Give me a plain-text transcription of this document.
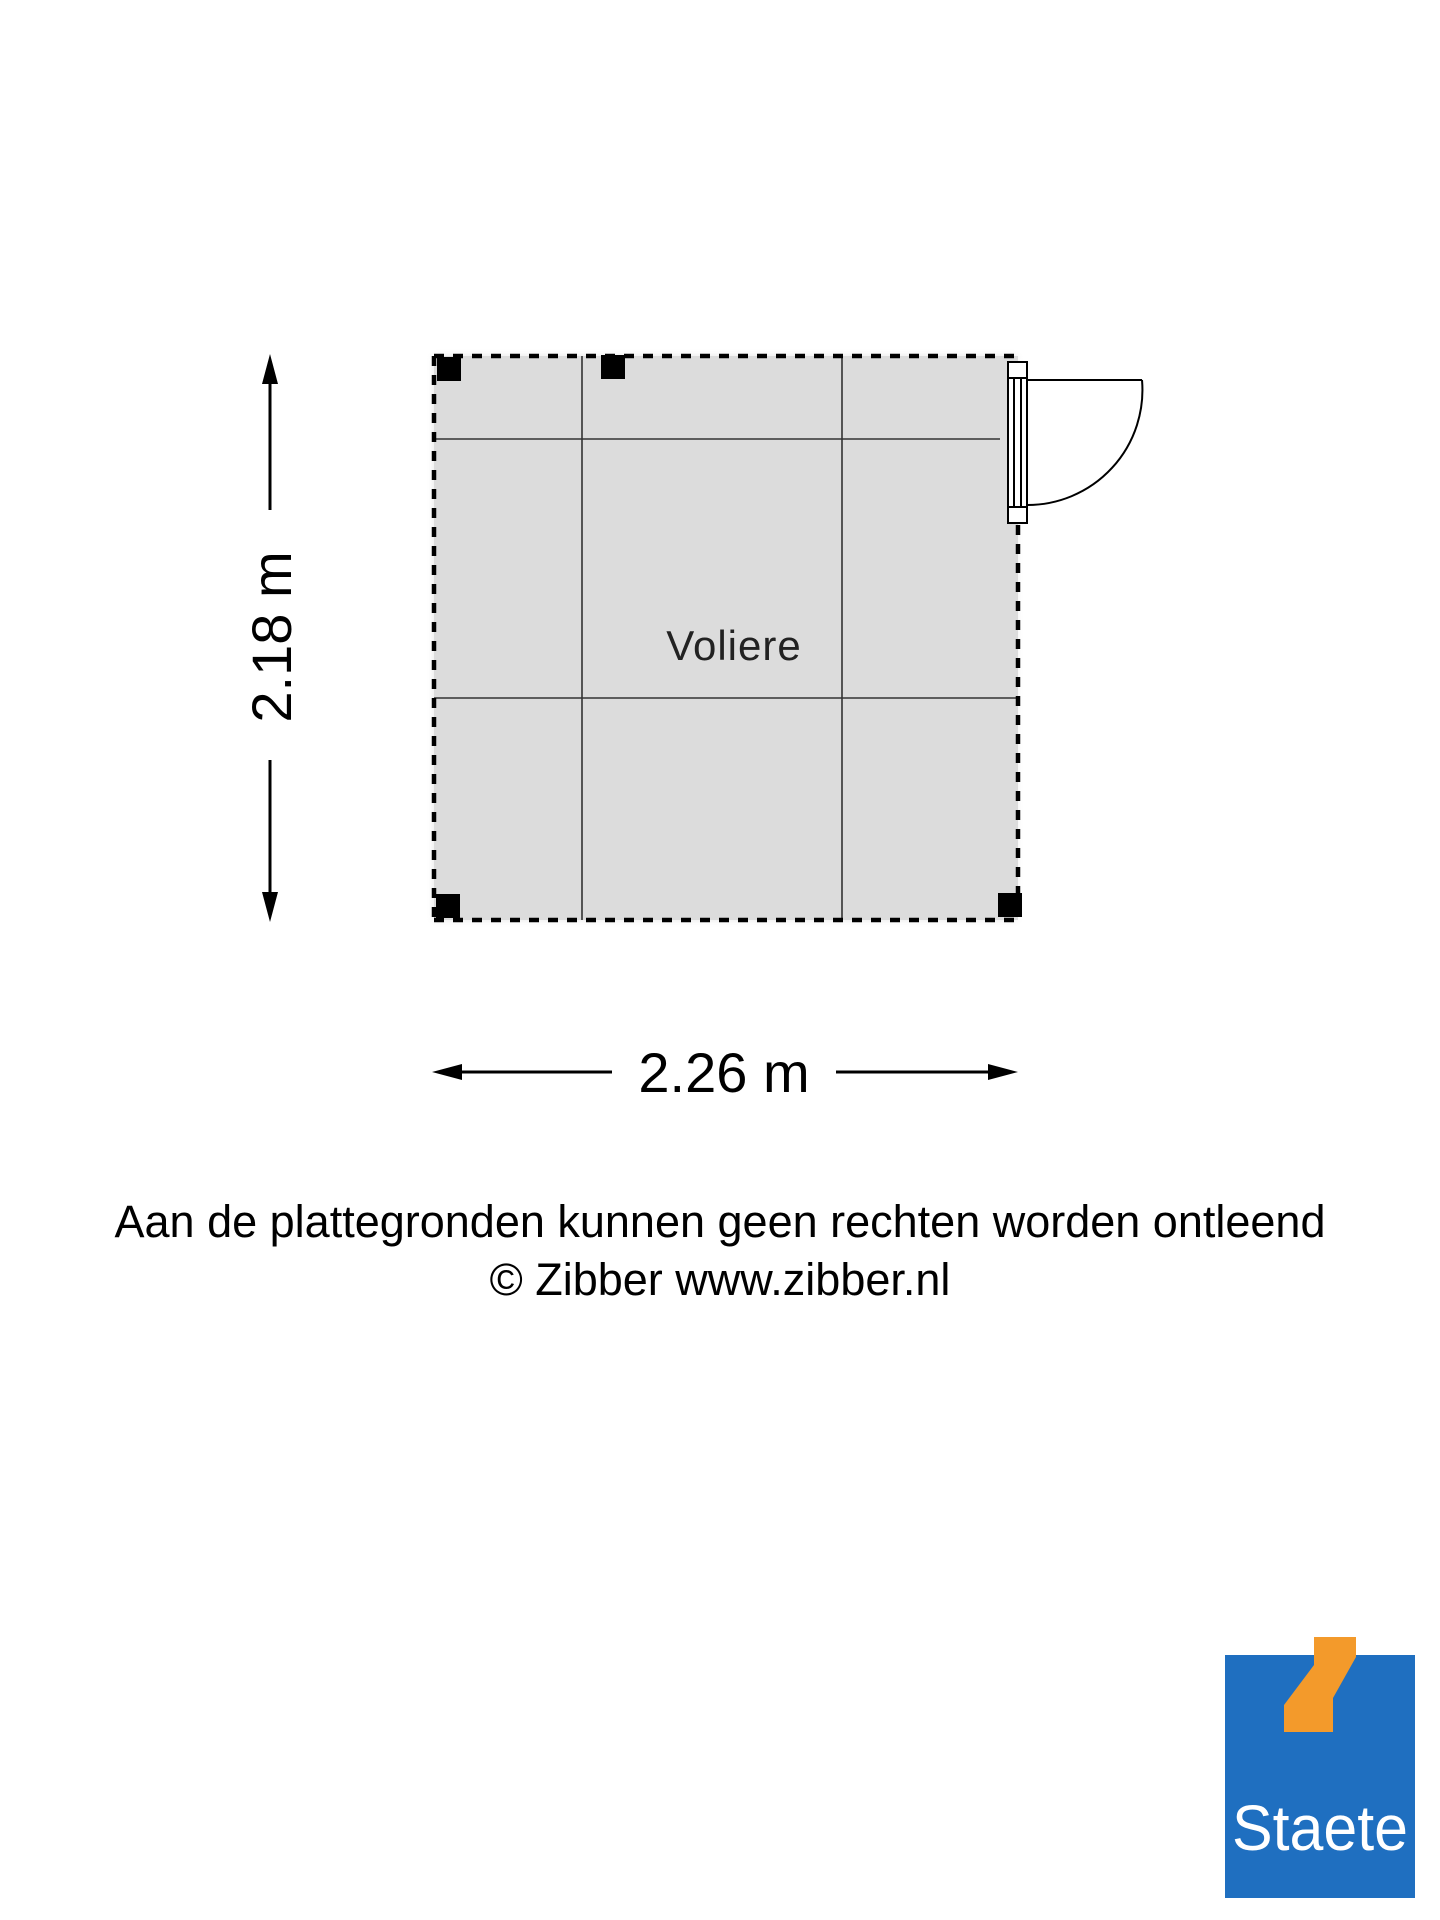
Voliere
2.18 m
2.26 m
Staete
Aan de plattegronden kunnen geen rechten worden ontleend
© Zibber www.zibber.nl
